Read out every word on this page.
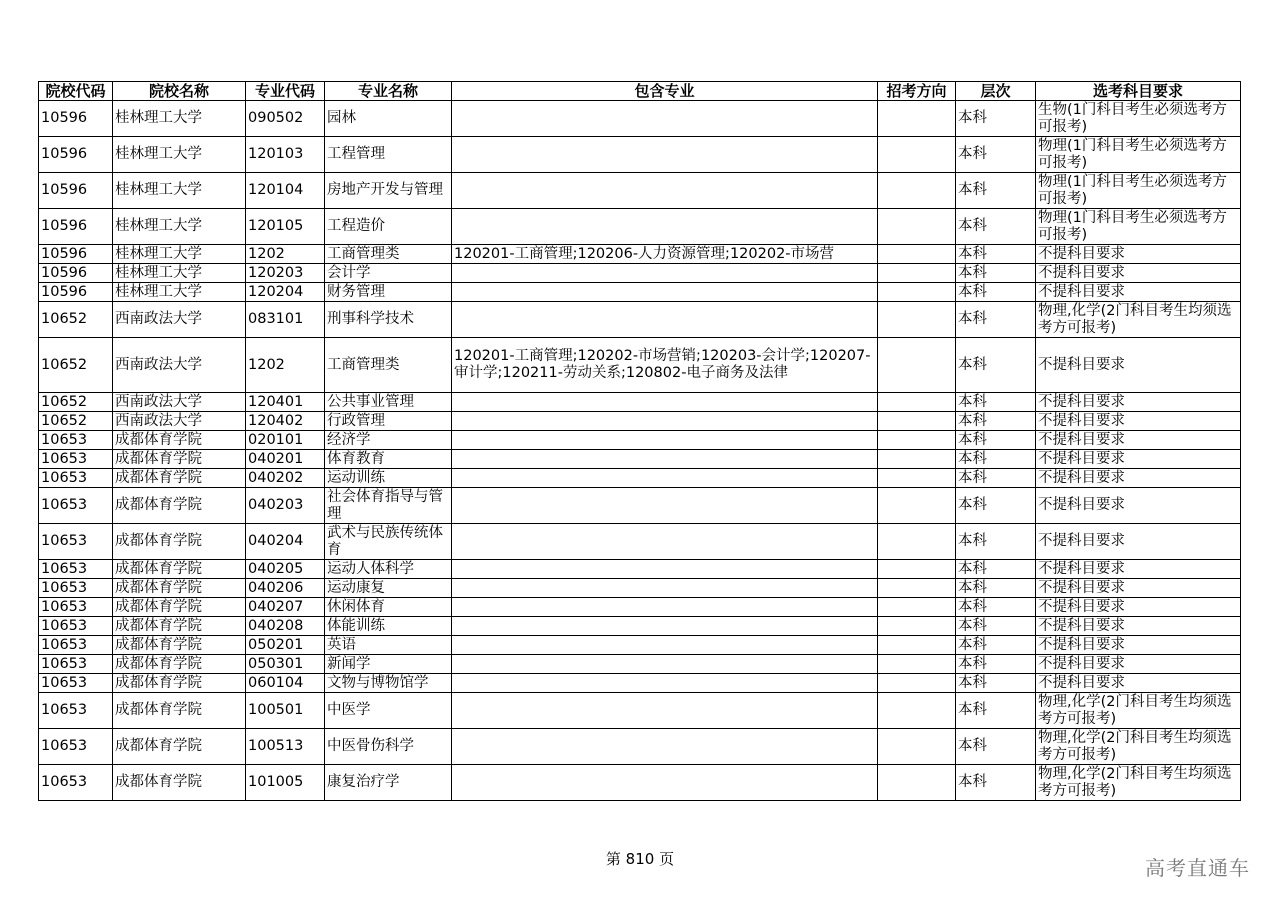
院校代码	院校名称	专业代码	专业名称	包含专业	招考方向	层次	选考科目要求
10596	桂林理工大学	090502	园林			本科	生物(1门科目考生必须选考方可报考)
10596	桂林理工大学	120103	工程管理			本科	物理(1门科目考生必须选考方可报考)
10596	桂林理工大学	120104	房地产开发与管理			本科	物理(1门科目考生必须选考方可报考)
10596	桂林理工大学	120105	工程造价			本科	物理(1门科目考生必须选考方可报考)
10596	桂林理工大学	1202	工商管理类	120201-工商管理;120206-人力资源管理;120202-市场营		本科	不提科目要求
10596	桂林理工大学	120203	会计学			本科	不提科目要求
10596	桂林理工大学	120204	财务管理			本科	不提科目要求
10652	西南政法大学	083101	刑事科学技术			本科	物理,化学(2门科目考生均须选考方可报考)
10652	西南政法大学	1202	工商管理类	120201-工商管理;120202-市场营销;120203-会计学;120207-审计学;120211-劳动关系;120802-电子商务及法律		本科	不提科目要求
10652	西南政法大学	120401	公共事业管理			本科	不提科目要求
10652	西南政法大学	120402	行政管理			本科	不提科目要求
10653	成都体育学院	020101	经济学			本科	不提科目要求
10653	成都体育学院	040201	体育教育			本科	不提科目要求
10653	成都体育学院	040202	运动训练			本科	不提科目要求
10653	成都体育学院	040203	社会体育指导与管理			本科	不提科目要求
10653	成都体育学院	040204	武术与民族传统体育			本科	不提科目要求
10653	成都体育学院	040205	运动人体科学			本科	不提科目要求
10653	成都体育学院	040206	运动康复			本科	不提科目要求
10653	成都体育学院	040207	休闲体育			本科	不提科目要求
10653	成都体育学院	040208	体能训练			本科	不提科目要求
10653	成都体育学院	050201	英语			本科	不提科目要求
10653	成都体育学院	050301	新闻学			本科	不提科目要求
10653	成都体育学院	060104	文物与博物馆学			本科	不提科目要求
10653	成都体育学院	100501	中医学			本科	物理,化学(2门科目考生均须选考方可报考)
10653	成都体育学院	100513	中医骨伤科学			本科	物理,化学(2门科目考生均须选考方可报考)
10653	成都体育学院	101005	康复治疗学			本科	物理,化学(2门科目考生均须选考方可报考)
第 810 页	高考直通车
